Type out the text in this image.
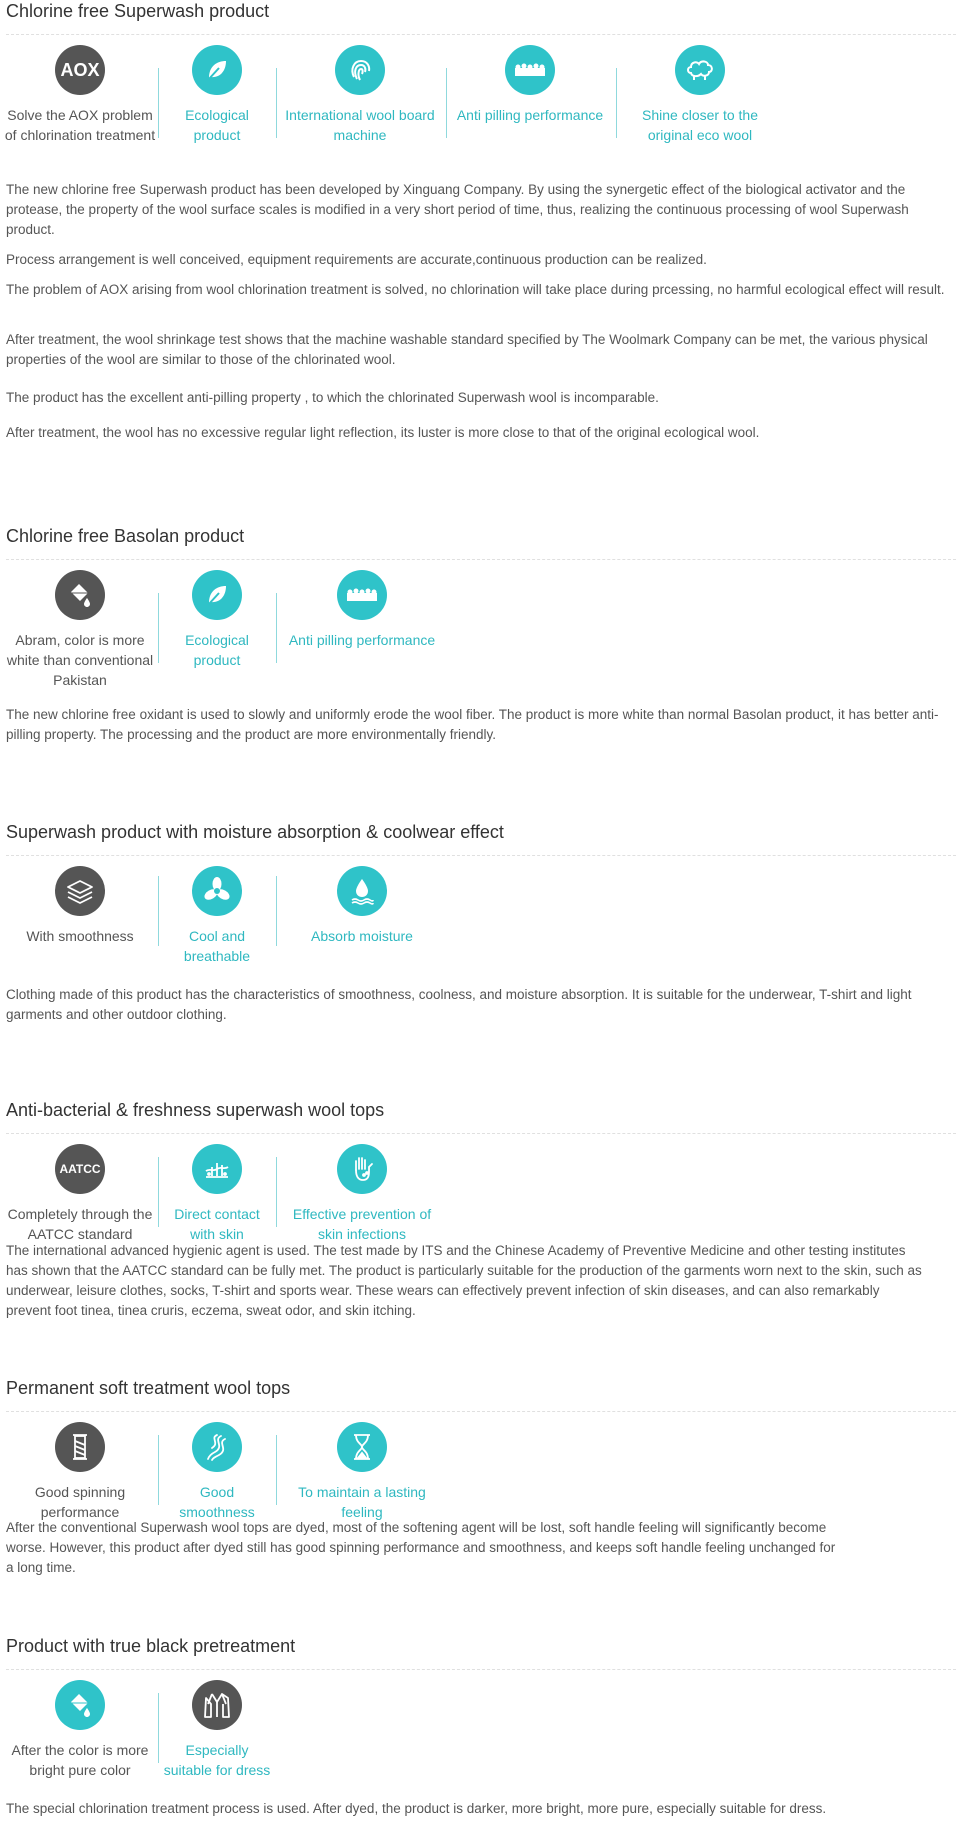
Chlorine free Superwash product
AOX
Solve the AOX problem of chlorination treatment
Ecological product
International wool board machine
Anti pilling performance	Shine closer to the original eco wool

The new chlorine free Superwash product has been developed by Xinguang Company. By using the synergetic effect of the biological activator and the protease, the property of the wool surface scales is modified in a very short period of time, thus, realizing the continuous processing of wool Superwash product.

Process arrangement is well conceived, equipment requirements are accurate,continuous production can be realized.

The problem of AOX arising from wool chlorination treatment is solved, no chlorination will take place during prcessing, no harmful ecological effect will result.

After treatment, the wool shrinkage test shows that the machine washable standard specified by The Woolmark Company can be met, the various physical properties of the wool are similar to those of the chlorinated wool.

The product has the excellent anti-pilling property , to which the chlorinated Superwash wool is incomparable.

After treatment, the wool has no excessive regular light reflection, its luster is more close to that of the original ecological wool.

Chlorine free Basolan product
Abram, color is more white than conventional Pakistan
Ecological product
Anti pilling performance

The new chlorine free oxidant is used to slowly and uniformly erode the wool fiber. The product is more white than normal Basolan product, it has better anti-pilling property. The processing and the product are more environmentally friendly.

Superwash product with moisture absorption & coolwear effect
With smoothness	Cool and breathable
Absorb moisture

Clothing made of this product has the characteristics of smoothness, coolness, and moisture absorption. It is suitable for the underwear, T-shirt and light garments and other outdoor clothing.

Anti-bacterial & freshness superwash wool tops
AATCC
Completely through the AATCC standard
Direct contact with skin
Effective prevention of skin infections

The international advanced hygienic agent is used. The test made by ITS and the Chinese Academy of Preventive Medicine and other testing institutes has shown that the AATCC standard can be fully met. The product is particularly suitable for the production of the garments worn next to the skin, such as underwear, leisure clothes, socks, T-shirt and sports wear. These wears can effectively prevent infection of skin diseases, and can also remarkably prevent foot tinea, tinea cruris, eczema, sweat odor, and skin itching.

Permanent soft treatment wool tops
Good spinning performance
Good smoothness
To maintain a lasting feeling

After the conventional Superwash wool tops are dyed, most of the softening agent will be lost, soft handle feeling will significantly become worse. However, this product after dyed still has good spinning performance and smoothness, and keeps soft handle feeling unchanged for a long time.

Product with true black pretreatment
After the color is more bright pure color
Especially suitable for dress

The special chlorination treatment process is used. After dyed, the product is darker, more bright, more pure, especially suitable for dress.
